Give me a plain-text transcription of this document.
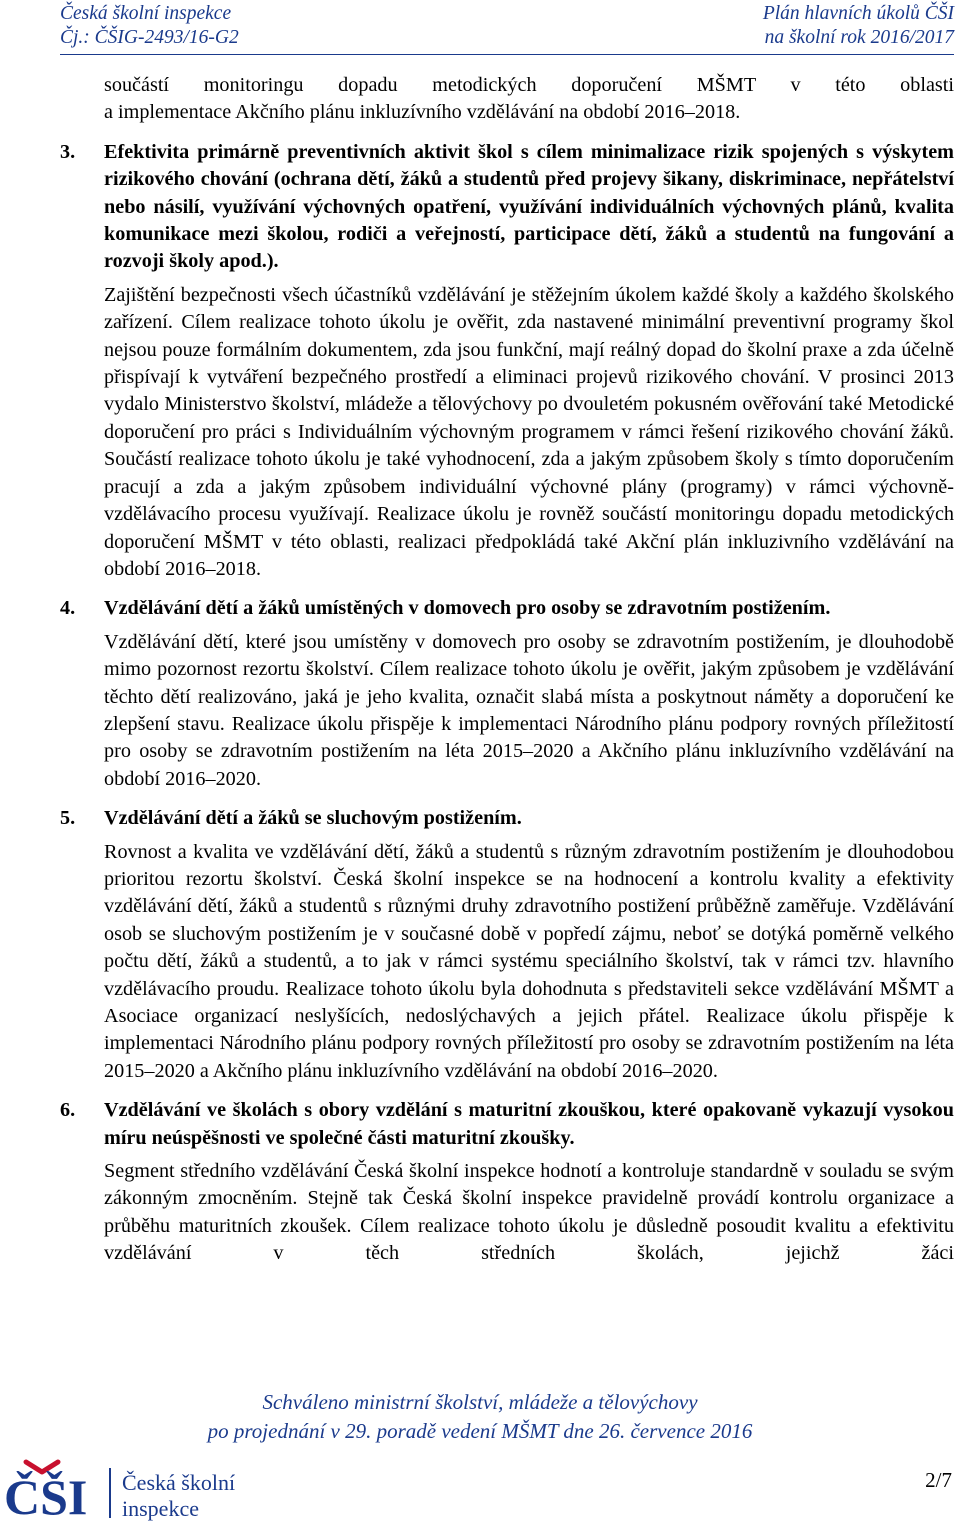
Česká školní inspekce
Čj.: ČŠIG-2493/16-G2
Plán hlavních úkolů ČŠI
na školní rok 2016/2017
součástí monitoringu dopadu metodických doporučení MŠMT v této oblasti
a implementace Akčního plánu inkluzívního vzdělávání na období 2016–2018.
3. Efektivita primárně preventivních aktivit škol s cílem minimalizace rizik spojených s výskytem rizikového chování (ochrana dětí, žáků a studentů před projevy šikany, diskriminace, nepřátelství nebo násilí, využívání výchovných opatření, využívání individuálních výchovných plánů, kvalita komunikace mezi školou, rodiči a veřejností, participace dětí, žáků a studentů na fungování a rozvoji školy apod.).
Zajištění bezpečnosti všech účastníků vzdělávání je stěžejním úkolem každé školy a každého školského zařízení. Cílem realizace tohoto úkolu je ověřit, zda nastavené minimální preventivní programy škol nejsou pouze formálním dokumentem, zda jsou funkční, mají reálný dopad do školní praxe a zda účelně přispívají k vytváření bezpečného prostředí a eliminaci projevů rizikového chování. V prosinci 2013 vydalo Ministerstvo školství, mládeže a tělovýchovy po dvouletém pokusném ověřování také Metodické doporučení pro práci s Individuálním výchovným programem v rámci řešení rizikového chování žáků. Součástí realizace tohoto úkolu je také vyhodnocení, zda a jakým způsobem školy s tímto doporučením pracují a zda a jakým způsobem individuální výchovné plány (programy) v rámci výchovně-vzdělávacího procesu využívají. Realizace úkolu je rovněž součástí monitoringu dopadu metodických doporučení MŠMT v této oblasti, realizaci předpokládá také Akční plán inkluzivního vzdělávání na období 2016–2018.
4. Vzdělávání dětí a žáků umístěných v domovech pro osoby se zdravotním postižením.
Vzdělávání dětí, které jsou umístěny v domovech pro osoby se zdravotním postižením, je dlouhodobě mimo pozornost rezortu školství. Cílem realizace tohoto úkolu je ověřit, jakým způsobem je vzdělávání těchto dětí realizováno, jaká je jeho kvalita, označit slabá místa a poskytnout náměty a doporučení ke zlepšení stavu. Realizace úkolu přispěje k implementaci Národního plánu podpory rovných příležitostí pro osoby se zdravotním postižením na léta 2015–2020 a Akčního plánu inkluzívního vzdělávání na období 2016–2020.
5. Vzdělávání dětí a žáků se sluchovým postižením.
Rovnost a kvalita ve vzdělávání dětí, žáků a studentů s různým zdravotním postižením je dlouhodobou prioritou rezortu školství. Česká školní inspekce se na hodnocení a kontrolu kvality a efektivity vzdělávání dětí, žáků a studentů s různými druhy zdravotního postižení průběžně zaměřuje. Vzdělávání osob se sluchovým postižením je v současné době v popředí zájmu, neboť se dotýká poměrně velkého počtu dětí, žáků a studentů, a to jak v rámci systému speciálního školství, tak v rámci tzv. hlavního vzdělávacího proudu. Realizace tohoto úkolu byla dohodnuta s představiteli sekce vzdělávání MŠMT a Asociace organizací neslyšících, nedoslýchavých a jejich přátel. Realizace úkolu přispěje k implementaci Národního plánu podpory rovných příležitostí pro osoby se zdravotním postižením na léta 2015–2020 a Akčního plánu inkluzívního vzdělávání na období 2016–2020.
6. Vzdělávání ve školách s obory vzdělání s maturitní zkouškou, které opakovaně vykazují vysokou míru neúspěšnosti ve společné části maturitní zkoušky.
Segment středního vzdělávání Česká školní inspekce hodnotí a kontroluje standardně v souladu se svým zákonným zmocněním. Stejně tak Česká školní inspekce pravidelně provádí kontrolu organizace a průběhu maturitních zkoušek. Cílem realizace tohoto úkolu je důsledně posoudit kvalitu a efektivitu vzdělávání v těch středních školách, jejichž žáci
Schváleno ministrní školství, mládeže a tělovýchovy
po projednání v 29. poradě vedení MŠMT dne 26. července 2016
ČŠI Česká školní
inspekce
2/7
